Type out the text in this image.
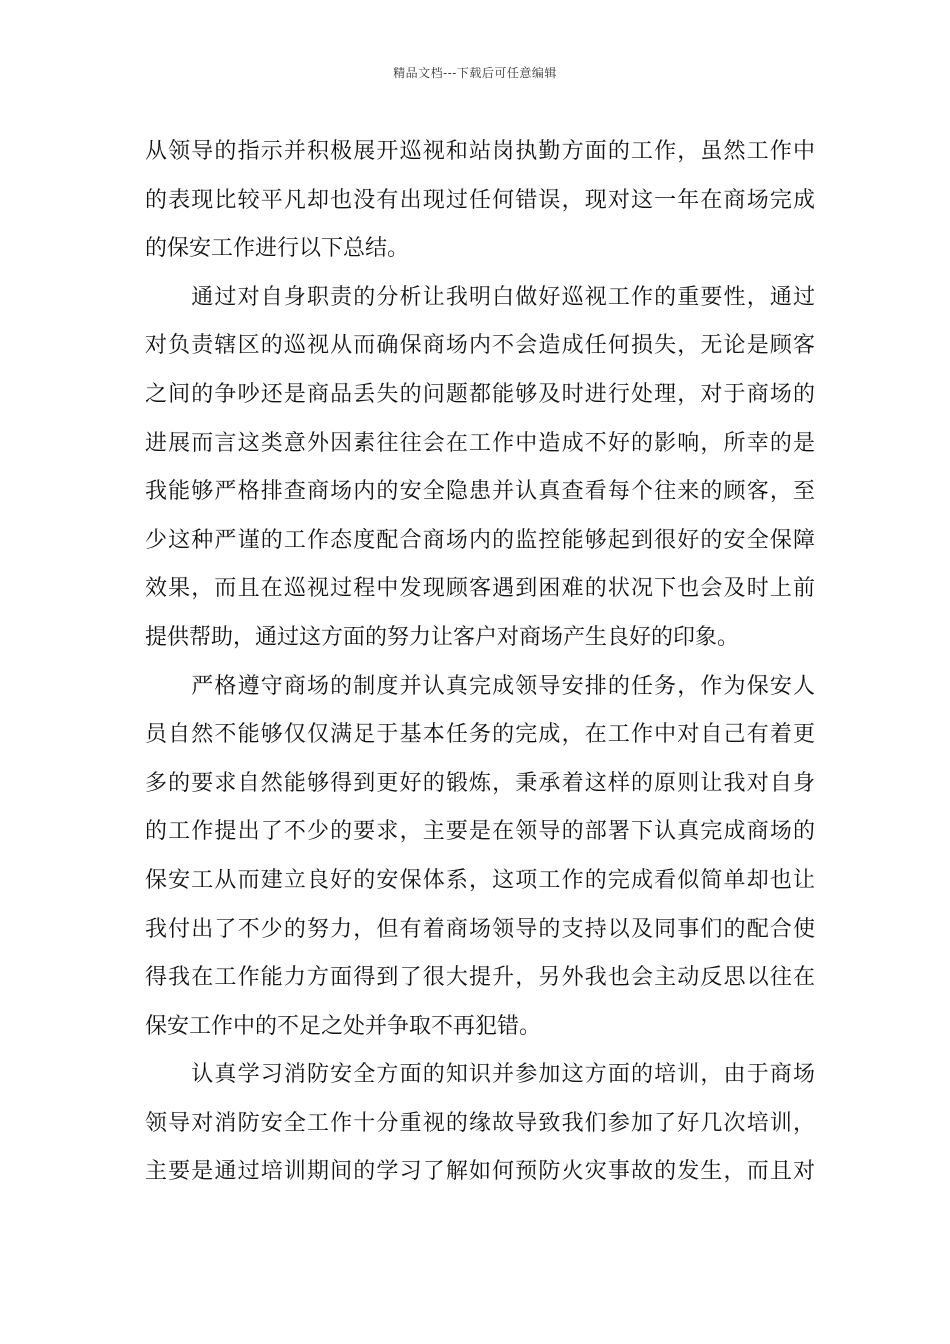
精品文档---下载后可任意编辑

从领导的指示并积极展开巡视和站岗执勤方面的工作，虽然工作中
的表现比较平凡却也没有出现过任何错误，现对这一年在商场完成
的保安工作进行以下总结。

　　通过对自身职责的分析让我明白做好巡视工作的重要性，通过
对负责辖区的巡视从而确保商场内不会造成任何损失，无论是顾客
之间的争吵还是商品丢失的问题都能够及时进行处理，对于商场的
进展而言这类意外因素往往会在工作中造成不好的影响，所幸的是
我能够严格排查商场内的安全隐患并认真查看每个往来的顾客，至
少这种严谨的工作态度配合商场内的监控能够起到很好的安全保障
效果，而且在巡视过程中发现顾客遇到困难的状况下也会及时上前
提供帮助，通过这方面的努力让客户对商场产生良好的印象。

　　严格遵守商场的制度并认真完成领导安排的任务，作为保安人
员自然不能够仅仅满足于基本任务的完成，在工作中对自己有着更
多的要求自然能够得到更好的锻炼，秉承着这样的原则让我对自身
的工作提出了不少的要求，主要是在领导的部署下认真完成商场的
保安工从而建立良好的安保体系，这项工作的完成看似简单却也让
我付出了不少的努力，但有着商场领导的支持以及同事们的配合使
得我在工作能力方面得到了很大提升，另外我也会主动反思以往在
保安工作中的不足之处并争取不再犯错。

　　认真学习消防安全方面的知识并参加这方面的培训，由于商场
领导对消防安全工作十分重视的缘故导致我们参加了好几次培训，
主要是通过培训期间的学习了解如何预防火灾事故的发生，而且对
